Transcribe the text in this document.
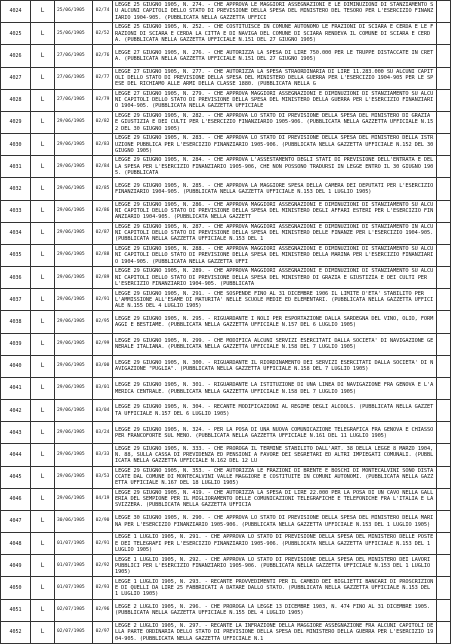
4024	L	25/06/1905	02/74	LEGGE 25 GIUGNO 1905, N. 274. - CHE APPROVA LE MAGGIORI ASSEGNAZIONI E LE DIMINUZIONI DI STANZIAMENTO SU ALCUNI CAPITOLI DELLO STATO DI PREVISIONE DELLA SPESA DEL MINISTERO DEL TESORO PER L'ESERCIZIO FINANZIARIO 1904-905. (PUBBLICATA NELLA GAZZETTA UFFICI	
4025	L	25/06/1905	02/52	LEGGE 25 GIUGNO 1905, N. 252. - CHE COSTITUISCE IN COMUNE AUTONOMO LE FRAZIONI DI SCIARA E CERDA E LE FRAZIONI DI SCIARA E CERDA LA CITTA E DI NAVIGA DEL COMUNE DI SCIARA RENDEVA IL COMUNE DI SCIARA E CERDA. (PUBBLICATA NELLA GAZZETTA UFFICIALE N.151 DEL 27 GIUGNO 1905)	
4026	L	27/06/1905	02/76	LEGGE 27 GIUGNO 1905, N. 276. - CHE AUTORIZZA LA SPESA DI LIRE 750.000 PER LE TRUPPE DISTACCATE IN CRETA. (PUBBLICATA NELLA GAZZETTA UFFICIALE N.151 DEL 27 GIUGNO 1905)	
4027	L	27/06/1905	02/77	LEGGE 27 GIUGNO 1905, N. 277. - CHE AUTORIZZA LA SPESA STRAORDINARIA DI LIRE 11.283.000 SU ALCUNI CAPITOLI DELLO STATO DI PREVISIONE DELLA SPESA DEL MINISTERO DELLA GUERRA PER L'ESERCIZIO 1904-905 PER LE SPESE DEL RICHIAMO ALLE ARMI DELLA CLASSE 1880. (PUBBLICATA NELLA G	
4028	L	27/06/1905	02/79	LEGGE 27 GIUGNO 1905, N. 279. - CHE APPROVA MAGGIORI ASSEGNAZIONI E DIMINUZIONI DI STANZIAMENTO SU ALCUNI CAPITOLI DELLO STATO DI PREVISIONE DELLA SPESA DEL MINISTERO DELLA GUERRA PER L'ESERCIZIO FINANZIARIO 1904-905. (PUBBLICATA NELLA GAZZETTA UFFICIALE	
4029	L	29/06/1905	02/82	LEGGE 29 GIUGNO 1905, N. 282. - CHE APPROVA LO STATO DI PREVISIONE DELLA SPESA DEL MINISTERO DI GRAZIA E GIUSTIZIA E DEI CULTI PER L'ESERCIZIO FINANZIARIO 1905-906. (PUBBLICATA NELLA GAZZETTA UFFICIALE N.152 DEL 30 GIUGNO 1905)	
4030	L	29/06/1905	02/83	LEGGE 29 GIUGNO 1905, N. 283. - CHE APPROVA LO STATO DI PREVISIONE DELLA SPESA DEL MINISTERO DELLA ISTRUZIONE PUBBLICA PER L'ESERCIZIO FINANZIARIO 1905-906. (PUBBLICATA NELLA GAZZETTA UFFICIALE N.152 DEL 30 GIUGNO 1905)	
4031	L	29/06/1905	02/84	LEGGE 29 GIUGNO 1905, N. 284. - CHE APPROVA L'ASSESTAMENTO DEGLI STATI DI PREVISIONE DELL'ENTRATA E DELLA SPESA PER L'ESERCIZIO FINANZIARIO 1905-906, CHE NON POSSONO TRADURSI IN LEGGE ENTRO IL 30 GIUGNO 1905. (PUBBLICATA	
4032	L	29/06/1905	02/85	LEGGE 29 GIUGNO 1905, N. 285. - CHE APPROVA LA MAGGIORE SPESA DELLA CAMERA DEI DEPUTATI PER L'ESERCIZIO FINANZIARIO 1904-905. (PUBBLICATA NELLA GAZZETTA UFFICIALE N.153 DEL 1 LUGLIO 1905)	
4033	L	29/06/1905	02/86	LEGGE 29 GIUGNO 1905, N. 286. - CHE APPROVA MAGGIORI ASSEGNAZIONI E DIMINUZIONI DI STANZIAMENTO SU ALCUNI CAPITOLI DELLO STATO DI PREVISIONE DELLA SPESA DEL MINISTERO DEGLI AFFARI ESTERI PER L'ESERCIZIO FINANZIARIO 1904-905. (PUBBLICATA NELLA GAZZETT	
4034	L	29/06/1905	02/87	LEGGE 29 GIUGNO 1905, N. 287. - CHE APPROVA MAGGIORI ASSEGNAZIONI E DIMINUZIONI DI STANZIAMENTO IN ALCUNI CAPITOLI DELLO STATO DI PREVISIONE DELLA SPESA DEL MINISTERO DELLE FINANZE PER L'ESERCIZIO 1904-905. (PUBBLICATA NELLA GAZZETTA UFFICIALE N.153 DEL 1	
4035	L	29/06/1905	02/88	LEGGE 29 GIUGNO 1905, N. 288. - CHE APPROVA MAGGIORI ASSEGNAZIONI E DIMINUZIONI DI STANZIAMENTO SU ALCUNI CAPITOLI DELLO STATO DI PREVISIONE DELLA SPESA DEL MINISTERO DELLA MARINA PER L'ESERCIZIO FINANZIARIO 1904-905. (PUBBLICATA NELLA GAZZETTA UFFI	
4036	L	29/06/1905	02/89	LEGGE 29 GIUGNO 1905, N. 289. - CHE APPROVA MAGGIORI ASSEGNAZIONI E DIMINUZIONI DI STANZIAMENTO SU ALCUNI CAPITOLI DELLO STATO DI PREVISIONE DELLA SPESA DEL MINISTERO DI GRAZIA E GIUSTIZIA E DEI CULTI PER L'ESERCIZIO FINANZIARIO 1904-905. (PUBBLICATA	
4037	L	29/06/1905	02/91	LEGGE 29 GIUGNO 1905, N. 291. - CHE SOSPENDE FINO AL 31 DICEMBRE 1906 IL LIMITE D'ETA' STABILITO PER L'AMMISSIONE ALL'ESAME DI MATURITA' NELLE SCUOLE MEDIE ED ELEMENTARI. (PUBBLICATA NELLA GAZZETTA UFFICIALE N.155 DEL 4 LUGLIO 1905)	
4038	L	29/06/1905	02/95	LEGGE 29 GIUGNO 1905, N. 295. - RIGUARDANTE I NOLI PER ESPORTAZIONE DALLA SARDEGNA DEL VINO, OLIO, FORMAGGI E BESTIAME. (PUBBLICATA NELLA GAZZETTA UFFICIALE N.157 DEL 6 LUGLIO 1905)	
4039	L	29/06/1905	02/99	LEGGE 29 GIUGNO 1905, N. 299. - CHE MODIFICA ALCUNI SERVIZI ESERCITATI DALLA SOCIETA' DI NAVIGAZIONE GENERALE ITALIANA. (PUBBLICATA NELLA GAZZETTA UFFICIALE N.158 DEL 7 LUGLIO 1905)	
4040	L	29/06/1905	03/00	LEGGE 29 GIUGNO 1905, N. 300. - RIGUARDANTE IL RIORDINAMENTO DEI SERVIZI ESERCITATI DALLA SOCIETA' DI NAVIGAZIONE "PUGLIA". (PUBBLICATA NELLA GAZZETTA UFFICIALE N.158 DEL 7 LUGLIO 1905)	
4041	L	29/06/1905	03/01	LEGGE 29 GIUGNO 1905, N. 301. - RIGUARDANTE LA ISTITUZIONE DI UNA LINEA DI NAVIGAZIONE FRA GENOVA E L'AMERICA CENTRALE. (PUBBLICATA NELLA GAZZETTA UFFICIALE N.158 DEL 7 LUGLIO 1905)	
4042	L	29/06/1905	03/04	LEGGE 29 GIUGNO 1905, N. 304. - RECANTE MODIFICAZIONI AL REGIME DEGLI ALCOOLS. (PUBBLICATA NELLA GAZZETTA UFFICIALE N.157 DEL 6 LUGLIO 1905)	
4043	L	29/06/1905	03/24	LEGGE 29 GIUGNO 1905, N. 324. - PER LA POSA DI UNA NUOVA COMUNICAZIONE TELEGRAFICA FRA GENOVA E CHIASSO PER FRANCOFORTE SUL MENO. (PUBBLICATA NELLA GAZZETTA UFFICIALE N.161 DEL 11 LUGLIO 1905)	
4044	L	29/06/1905	03/33	LEGGE 29 GIUGNO 1905, N. 333. - CHE PROROGA IL TERMINE STABILITO DALL'ART. 38 DELLA LEGGE 8 MARZO 1904, N. 88, SULLA CASSA DI PREVIDENZA ED PENSIONI A FAVORE DEI SEGRETARI ED ALTRI IMPIEGATI COMUNALI. (PUBBLICATA NELLA GAZZETTA UFFICIALE N.162 DEL 12 LU	
4045	L	29/06/1905	03/53	LEGGE 29 GIUGNO 1905, N. 353. - CHE AUTORIZZA LE FRAZIONI DI BRENTE E BOSCHI DI MONTECALVINI SONO DISTACCATE DAL COMUNE DI MONTECALVINI VALLE MAGGIORE E COSTITUITE IN COMUNI AUTONOMI. (PUBBLICATA NELLA GAZZETTA UFFICIALE N.167 DEL 18 LUGLIO 1905)	
4046	L	29/06/1905	04/19	LEGGE 29 GIUGNO 1905, N. 419. - CHE AUTORIZZA LA SPESA DI LIRE 22.000 PER LA POSA DI UN CAVO NELLA GALLERIA DEL SEMPIONE PER IL MIGLIORAMENTO DELLE COMUNICAZIONI TELEGRAFICHE E TELEFONICHE FRA L'ITALIA E LA SVIZZERA. (PUBBLICATA NELLA GAZZETTA UFFICIA	
4047	L	30/06/1905	02/90	LEGGE 30 GIUGNO 1905, N. 290. - CHE APPROVA LO STATO DI PREVISIONE DELLA SPESA DEL MINISTERO DELLA MARINA PER L'ESERCIZIO FINANZIARIO 1905-906. (PUBBLICATA NELLA GAZZETTA UFFICIALE N.153 DEL 1 LUGLIO 1905)	
4048	L	01/07/1905	02/91	LEGGE 1 LUGLIO 1905, N. 291. - CHE APPROVA LO STATO DI PREVISIONE DELLA SPESA DEL MINISTERO DELLE POSTE E DEI TELEGRAFI PER L'ESERCIZIO FINANZIARIO 1905-906. (PUBBLICATA NELLA GAZZETTA UFFICIALE N.153 DEL 1 LUGLIO 1905)	
4049	L	01/07/1905	02/92	LEGGE 1 LUGLIO 1905, N. 292. - CHE APPROVA LO STATO DI PREVISIONE DELLA SPESA DEL MINISTERO DEI LAVORI PUBBLICI PER L'ESERCIZIO FINANZIARIO 1905-906. (PUBBLICATA NELLA GAZZETTA UFFICIALE N.153 DEL 1 LUGLIO 1905)	
4050	L	01/07/1905	02/93	LEGGE 1 LUGLIO 1905, N. 293. - RECANTE PROVVEDIMENTI PER IL CAMBIO DEI BIGLIETTI BANCARI DI PROSCRIZIONE DI QUELLI DA LIRE 25 FABBRICATI A DATARE DALLO STATO. (PUBBLICATA NELLA GAZZETTA UFFICIALE N.153 DEL 1 LUGLIO 1905)	
4051	L	02/07/1905	02/96	LEGGE 2 LUGLIO 1905, N. 296. - CHE PROROGA LA LEGGE 13 DICEMBRE 1903, N. 474 FINO AL 31 DICEMBRE 1905. (PUBBLICATA NELLA GAZZETTA UFFICIALE N.155 DEL 4 LUGLIO 1905)	
4052	L	02/07/1905	02/97	LEGGE 2 LUGLIO 1905, N. 297. - RECANTE LA INFRAZIONE DELLA MAGGIORE ASSEGNAZIONE FRA ALCUNI CAPITOLI DELLA PARTE ORDINARIA DELLO STATO DI PREVISIONE DELLA SPESA DEL MINISTERO DELLA GUERRA PER L'ESERCIZIO 1904-905. (PUBBLICATA NELLA GAZZETTA UFFICIALE N.1	
